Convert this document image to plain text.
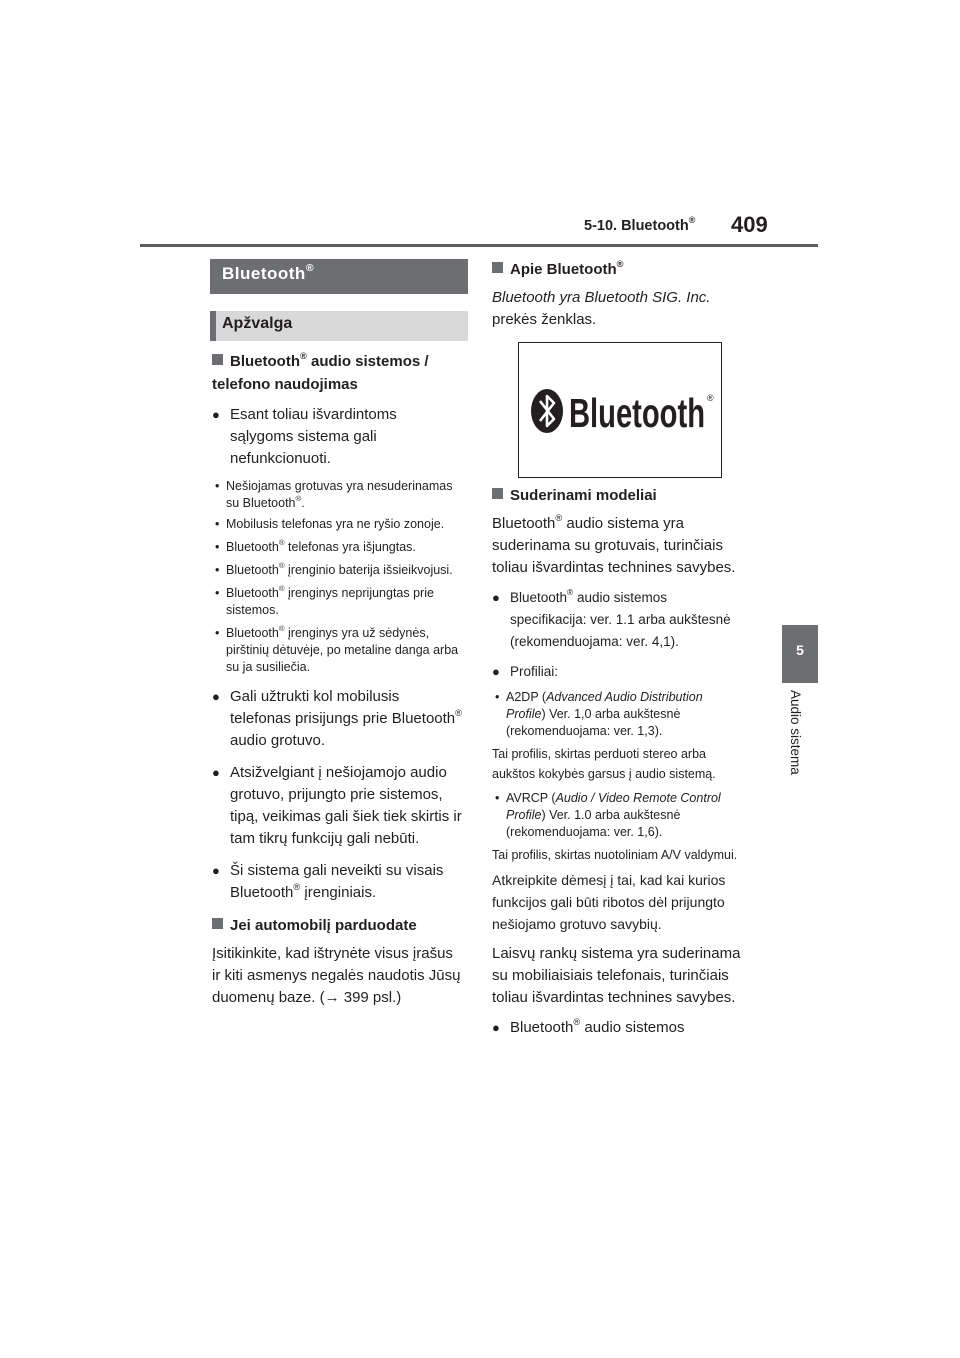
5-10. Bluetooth® 409
5
Audio sistema
Bluetooth®
Apžvalga
Bluetooth® audio sistemos / telefono naudojimas
● Esant toliau išvardintoms sąlygoms sistema gali nefunkcionuoti.
• Nešiojamas grotuvas yra nesuderinamas su Bluetooth®.
• Mobilusis telefonas yra ne ryšio zonoje.
• Bluetooth® telefonas yra išjungtas.
• Bluetooth® įrenginio baterija išsieikvojusi.
• Bluetooth® įrenginys neprijungtas prie sistemos.
• Bluetooth® įrenginys yra už sėdynės, pirštinių dėtuvėje, po metaline danga arba su ja susiliečia.
● Gali užtrukti kol mobilusis telefonas prisijungs prie Bluetooth® audio grotuvo.
● Atsižvelgiant į nešiojamojo audio grotuvo, prijungto prie sistemos, tipą, veikimas gali šiek tiek skirtis ir tam tikrų funkcijų gali nebūti.
● Ši sistema gali neveikti su visais Bluetooth® įrenginiais.
Jei automobilį parduodate
Įsitikinkite, kad ištrynėte visus įrašus ir kiti asmenys negalės naudotis Jūsų duomenų baze. (→ 399 psl.)
Apie Bluetooth®
Bluetooth yra Bluetooth SIG. Inc.
prekės ženklas.
Bluetooth ®
Suderinami modeliai
Bluetooth® audio sistema yra suderinama su grotuvais, turinčiais toliau išvardintas technines savybes.
● Bluetooth® audio sistemos specifikacija: ver. 1.1 arba aukštesnė (rekomenduojama: ver. 4,1).
● Profiliai:
• A2DP (Advanced Audio Distribution Profile) Ver. 1,0 arba aukštesnė (rekomenduojama: ver. 1,3).
Tai profilis, skirtas perduoti stereo arba aukštos kokybės garsus į audio sistemą.
• AVRCP (Audio / Video Remote Control Profile) Ver. 1.0 arba aukštesnė (rekomenduojama: ver. 1,6).
Tai profilis, skirtas nuotoliniam A/V valdymui.
Atkreipkite dėmesį į tai, kad kai kurios funkcijos gali būti ribotos dėl prijungto nešiojamo grotuvo savybių.
Laisvų rankų sistema yra suderinama su mobiliaisiais telefonais, turinčiais toliau išvardintas technines savybes.
● Bluetooth® audio sistemos
